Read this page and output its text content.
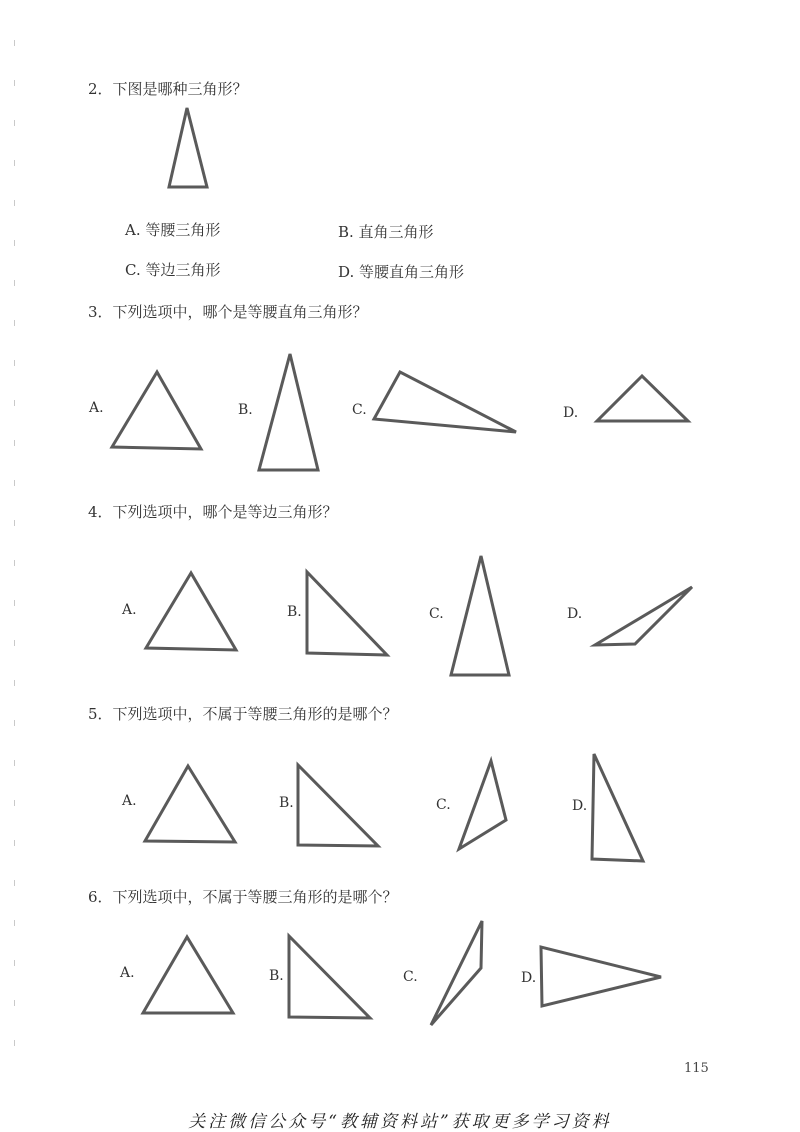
2．下图是哪种三角形？
A. 等腰三角形	B. 直角三角形
C. 等边三角形	D. 等腰直角三角形
3．下列选项中，哪个是等腰直角三角形？
A.	B.	C.	D.
4．下列选项中，哪个是等边三角形？
A.	B.	C.	D.
5．下列选项中，不属于等腰三角形的是哪个？
A.	B.	C.	D.
6．下列选项中，不属于等腰三角形的是哪个？
A.	B.	C.	D.
115
关注微信公众号“教辅资料站”获取更多学习资料
